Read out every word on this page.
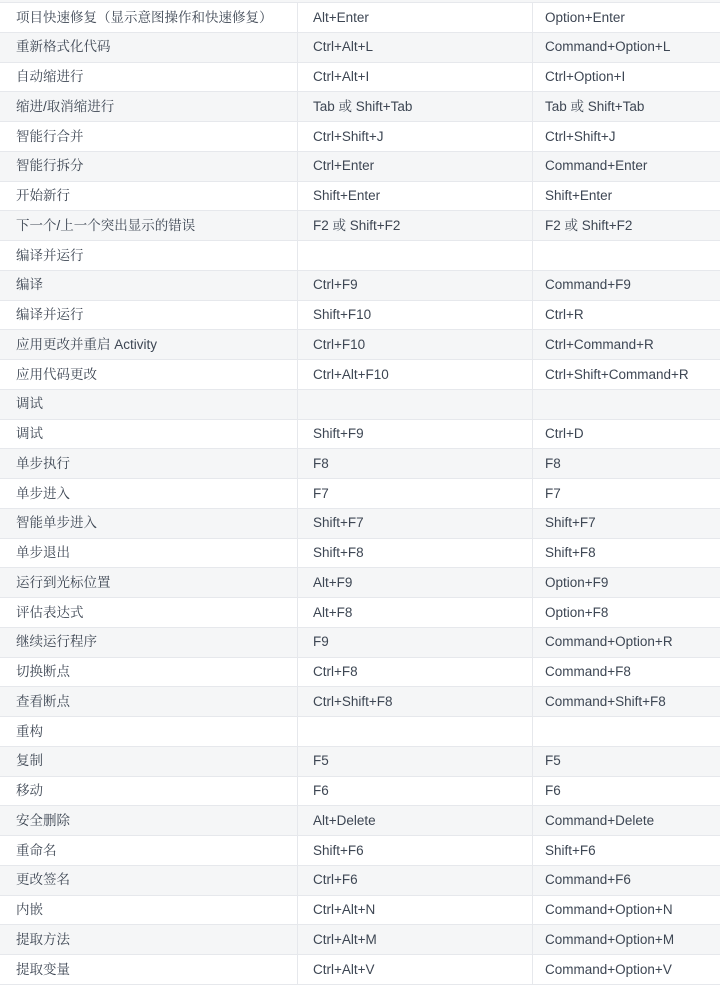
项目快速修复（显示意图操作和快速修复）	Alt+Enter	Option+Enter
重新格式化代码	Ctrl+Alt+L	Command+Option+L
自动缩进行	Ctrl+Alt+I	Ctrl+Option+I
缩进/取消缩进行	Tab 或 Shift+Tab	Tab 或 Shift+Tab
智能行合并	Ctrl+Shift+J	Ctrl+Shift+J
智能行拆分	Ctrl+Enter	Command+Enter
开始新行	Shift+Enter	Shift+Enter
下一个/上一个突出显示的错误	F2 或 Shift+F2	F2 或 Shift+F2
编译并运行
编译	Ctrl+F9	Command+F9
编译并运行	Shift+F10	Ctrl+R
应用更改并重启 Activity	Ctrl+F10	Ctrl+Command+R
应用代码更改	Ctrl+Alt+F10	Ctrl+Shift+Command+R
调试
调试	Shift+F9	Ctrl+D
单步执行	F8	F8
单步进入	F7	F7
智能单步进入	Shift+F7	Shift+F7
单步退出	Shift+F8	Shift+F8
运行到光标位置	Alt+F9	Option+F9
评估表达式	Alt+F8	Option+F8
继续运行程序	F9	Command+Option+R
切换断点	Ctrl+F8	Command+F8
查看断点	Ctrl+Shift+F8	Command+Shift+F8
重构
复制	F5	F5
移动	F6	F6
安全删除	Alt+Delete	Command+Delete
重命名	Shift+F6	Shift+F6
更改签名	Ctrl+F6	Command+F6
内嵌	Ctrl+Alt+N	Command+Option+N
提取方法	Ctrl+Alt+M	Command+Option+M
提取变量	Ctrl+Alt+V	Command+Option+V
